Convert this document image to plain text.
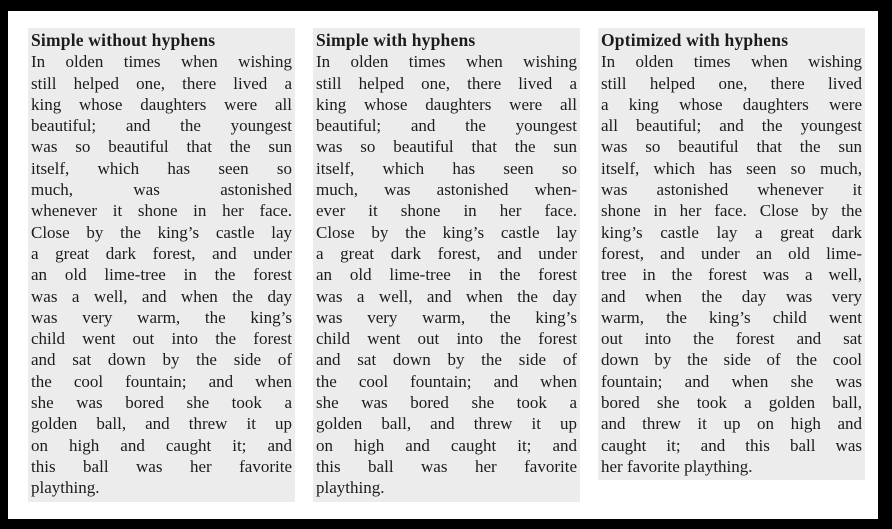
Simple without hyphens
In olden times when wishing
still helped one, there lived a
king whose daughters were all
beautiful; and the youngest
was so beautiful that the sun
itself, which has seen so
much, was astonished
whenever it shone in her face.
Close by the king’s castle lay
a great dark forest, and under
an old lime-tree in the forest
was a well, and when the day
was very warm, the king’s
child went out into the forest
and sat down by the side of
the cool fountain; and when
she was bored she took a
golden ball, and threw it up
on high and caught it; and
this ball was her favorite
plaything.
Simple with hyphens
In olden times when wishing
still helped one, there lived a
king whose daughters were all
beautiful; and the youngest
was so beautiful that the sun
itself, which has seen so
much, was astonished when-
ever it shone in her face.
Close by the king’s castle lay
a great dark forest, and under
an old lime-tree in the forest
was a well, and when the day
was very warm, the king’s
child went out into the forest
and sat down by the side of
the cool fountain; and when
she was bored she took a
golden ball, and threw it up
on high and caught it; and
this ball was her favorite
plaything.
Optimized with hyphens
In olden times when wishing
still helped one, there lived
a king whose daughters were
all beautiful; and the youngest
was so beautiful that the sun
itself, which has seen so much,
was astonished whenever it
shone in her face. Close by the
king’s castle lay a great dark
forest, and under an old lime-
tree in the forest was a well,
and when the day was very
warm, the king’s child went
out into the forest and sat
down by the side of the cool
fountain; and when she was
bored she took a golden ball,
and threw it up on high and
caught it; and this ball was
her favorite plaything.
